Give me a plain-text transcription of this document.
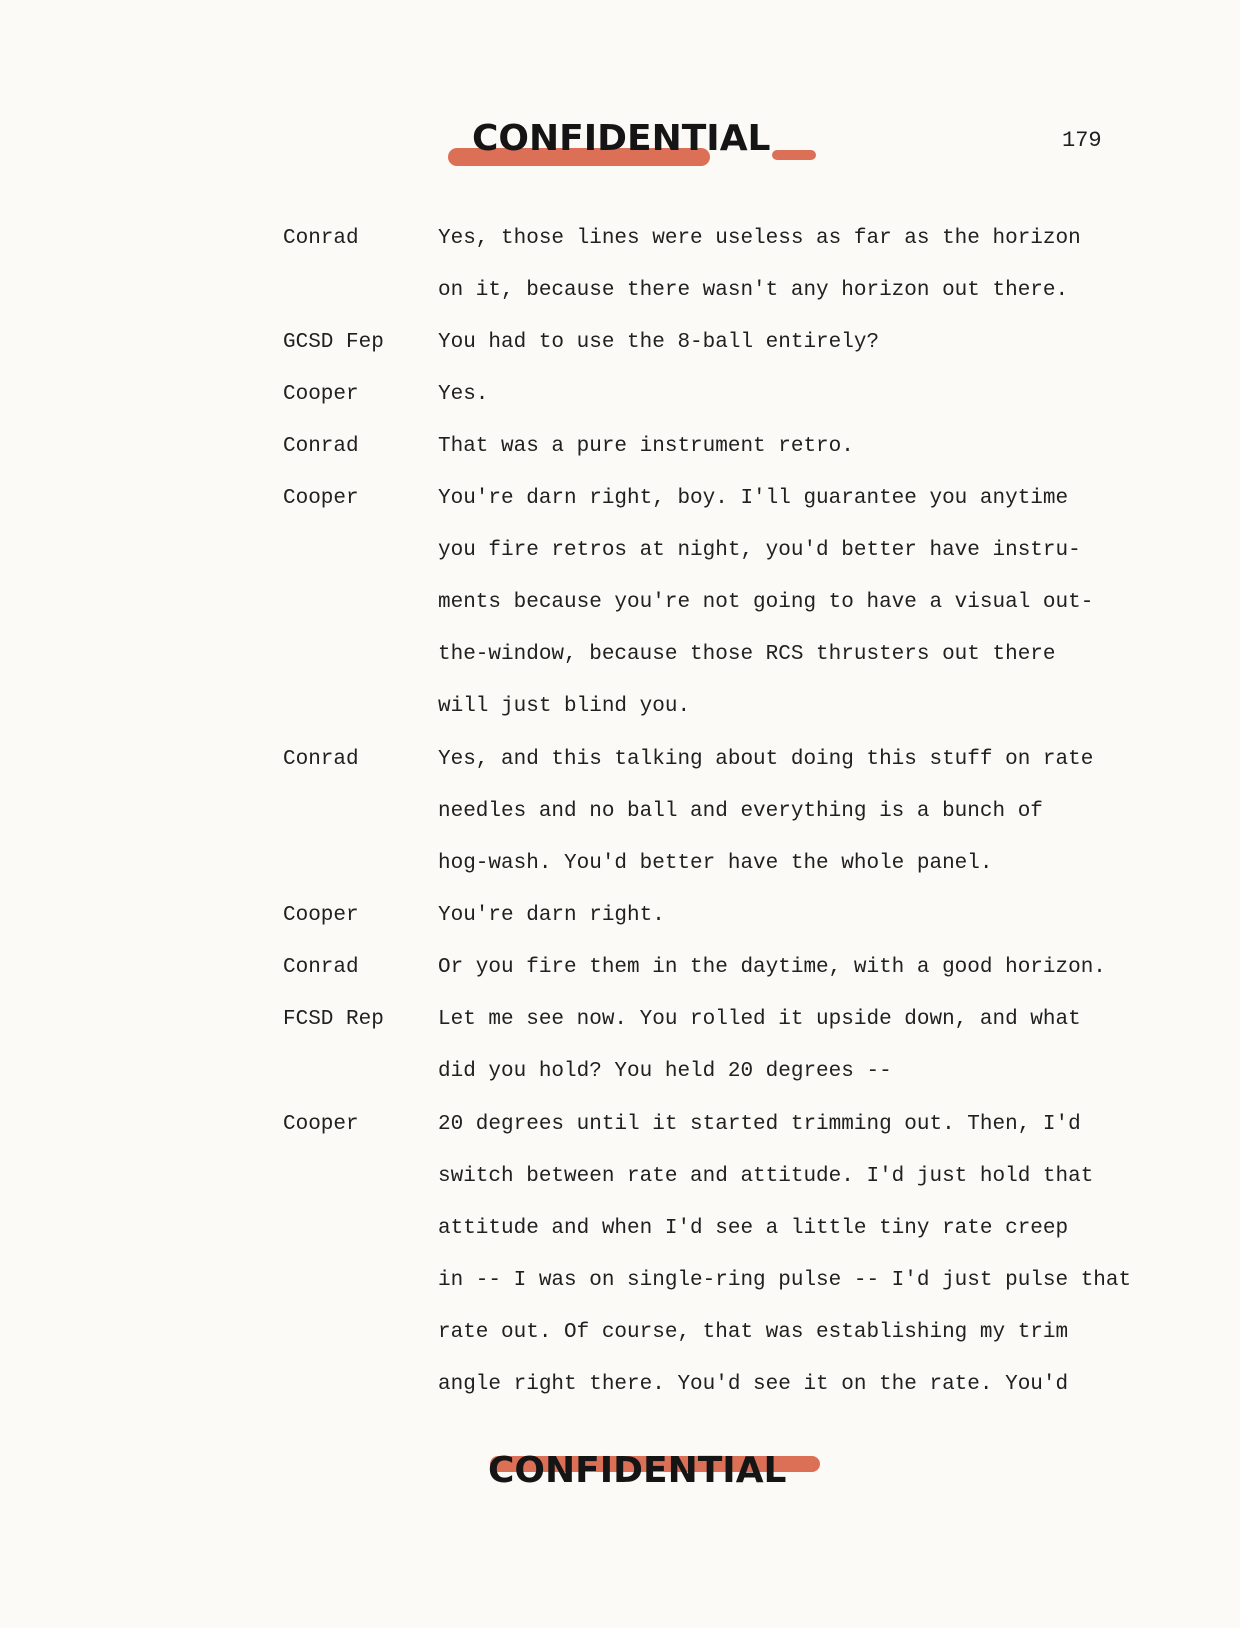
CONFIDENTIAL	179
Conrad	Yes, those lines were useless as far as the horizon
on it, because there wasn't any horizon out there.
GCSD Fep	You had to use the 8-ball entirely?
Cooper	Yes.
Conrad	That was a pure instrument retro.
Cooper	You're darn right, boy. I'll guarantee you anytime
you fire retros at night, you'd better have instru-
ments because you're not going to have a visual out-
the-window, because those RCS thrusters out there
will just blind you.
Conrad	Yes, and this talking about doing this stuff on rate
needles and no ball and everything is a bunch of
hog-wash. You'd better have the whole panel.
Cooper	You're darn right.
Conrad	Or you fire them in the daytime, with a good horizon.
FCSD Rep	Let me see now. You rolled it upside down, and what
did you hold? You held 20 degrees --
Cooper	20 degrees until it started trimming out. Then, I'd
switch between rate and attitude. I'd just hold that
attitude and when I'd see a little tiny rate creep
in -- I was on single-ring pulse -- I'd just pulse that
rate out. Of course, that was establishing my trim
angle right there. You'd see it on the rate. You'd
CONFIDENTIAL
